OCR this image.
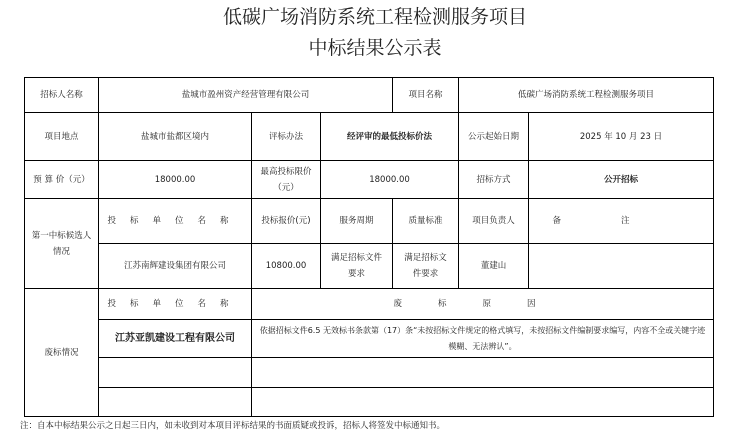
低碳广场消防系统工程检测服务项目
中标结果公示表
招标人名称	盐城市盈州资产经营管理有限公司			项目名称	低碳广场消防系统工程检测服务项目	
项目地点	盐城市盐都区境内	评标办法	经评审的最低投标价法		公示起始日期	2025 年 10 月 23 日
预 算 价（元）	18000.00	最高投标限价（元）	18000.00		招标方式	公开招标
第一中标候选人情况	投标单位名称	投标报价(元)	服务周期	质量标准	项目负责人	备注
	江苏南辉建设集团有限公司	10800.00	满足招标文件要求	满足招标文件要求	董建山	
废标情况	投标单位名称	废标原因				
	江苏亚凯建设工程有限公司	依据招标文件6.5 无效标书条款第（17）条“未按招标文件规定的格式填写，未按招标文件编制要求编写，内容不全或关键字迹模糊、无法辨认”。				

注：自本中标结果公示之日起三日内，如未收到对本项目评标结果的书面质疑或投诉，招标人将签发中标通知书。
